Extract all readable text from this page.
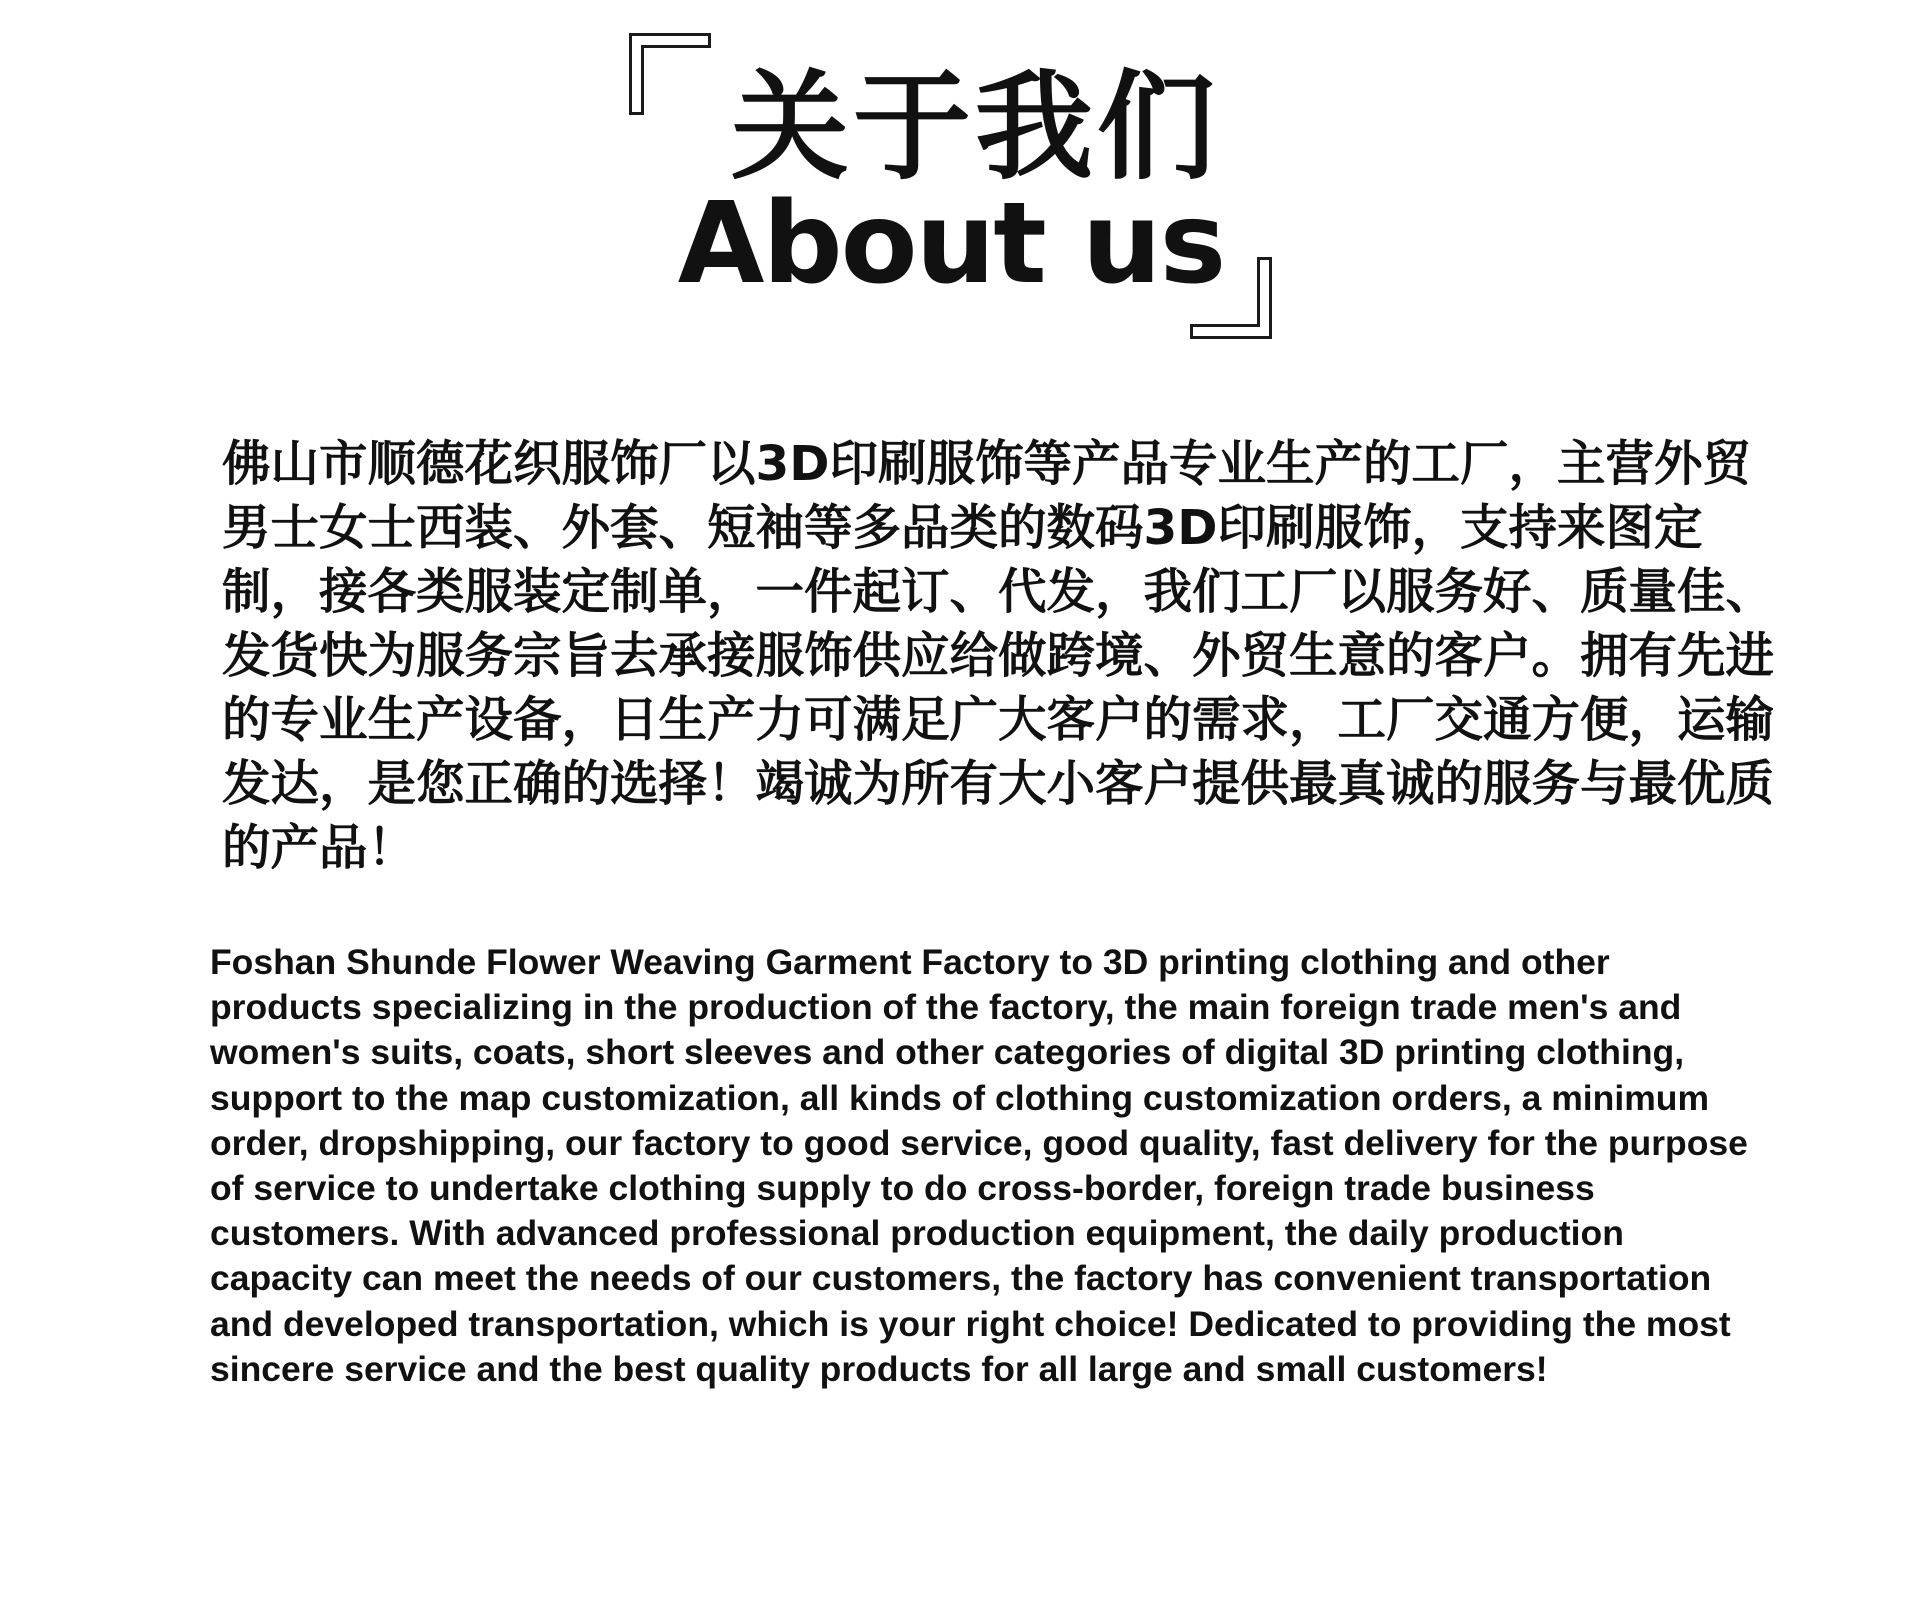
关于我们
About us

佛山市顺德花织服饰厂以3D印刷服饰等产品专业生产的工厂，主营外贸男士女士西装、外套、短袖等多品类的数码3D印刷服饰，支持来图定制，接各类服装定制单，一件起订、代发，我们工厂以服务好、质量佳、发货快为服务宗旨去承接服饰供应给做跨境、外贸生意的客户。拥有先进的专业生产设备，日生产力可满足广大客户的需求，工厂交通方便，运输发达，是您正确的选择！竭诚为所有大小客户提供最真诚的服务与最优质的产品！

Foshan Shunde Flower Weaving Garment Factory to 3D printing clothing and other products specializing in the production of the factory, the main foreign trade men's and women's suits, coats, short sleeves and other categories of digital 3D printing clothing, support to the map customization, all kinds of clothing customization orders, a minimum order, dropshipping, our factory to good service, good quality, fast delivery for the purpose of service to undertake clothing supply to do cross-border, foreign trade business customers. With advanced professional production equipment, the daily production capacity can meet the needs of our customers, the factory has convenient transportation and developed transportation, which is your right choice! Dedicated to providing the most sincere service and the best quality products for all large and small customers!
